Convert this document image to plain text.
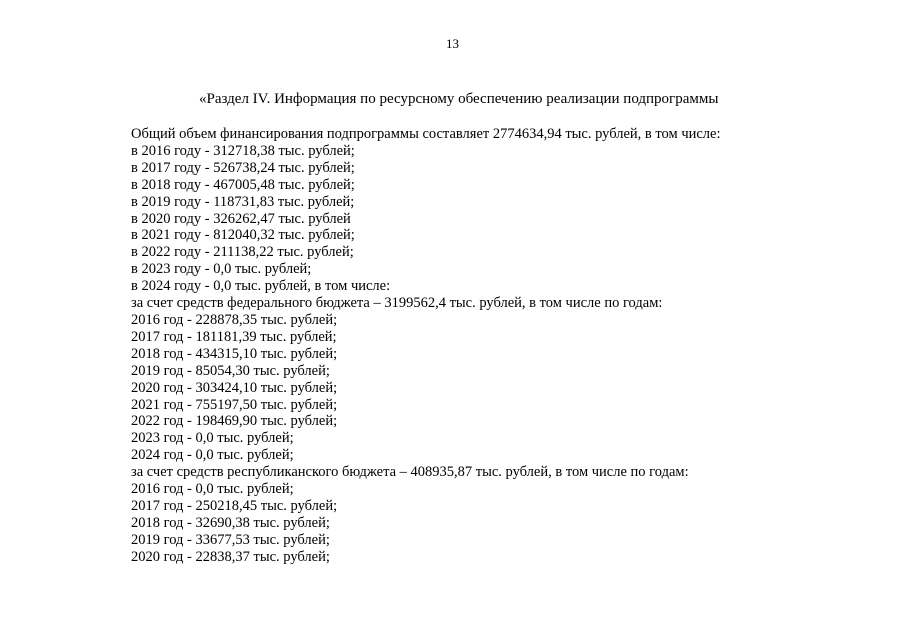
13
«Раздел IV. Информация по ресурсному обеспечению реализации подпрограммы
Общий объем финансирования подпрограммы составляет 2774634,94 тыс. рублей, в том числе:
в 2016 году - 312718,38 тыс. рублей;
в 2017 году - 526738,24 тыс. рублей;
в 2018 году - 467005,48 тыс. рублей;
в 2019 году - 118731,83 тыс. рублей;
в 2020 году - 326262,47 тыс. рублей
в 2021 году - 812040,32 тыс. рублей;
в 2022 году - 211138,22 тыс. рублей;
в 2023 году - 0,0 тыс. рублей;
в 2024 году - 0,0 тыс. рублей, в том числе:
за счет средств федерального бюджета – 3199562,4 тыс. рублей, в том числе по годам:
2016 год - 228878,35 тыс. рублей;
2017 год - 181181,39 тыс. рублей;
2018 год - 434315,10 тыс. рублей;
2019 год - 85054,30 тыс. рублей;
2020 год - 303424,10 тыс. рублей;
2021 год - 755197,50 тыс. рублей;
2022 год - 198469,90 тыс. рублей;
2023 год - 0,0 тыс. рублей;
2024 год - 0,0 тыс. рублей;
за счет средств республиканского бюджета – 408935,87 тыс. рублей, в том числе по годам:
2016 год - 0,0 тыс. рублей;
2017 год - 250218,45 тыс. рублей;
2018 год - 32690,38 тыс. рублей;
2019 год - 33677,53 тыс. рублей;
2020 год - 22838,37 тыс. рублей;
